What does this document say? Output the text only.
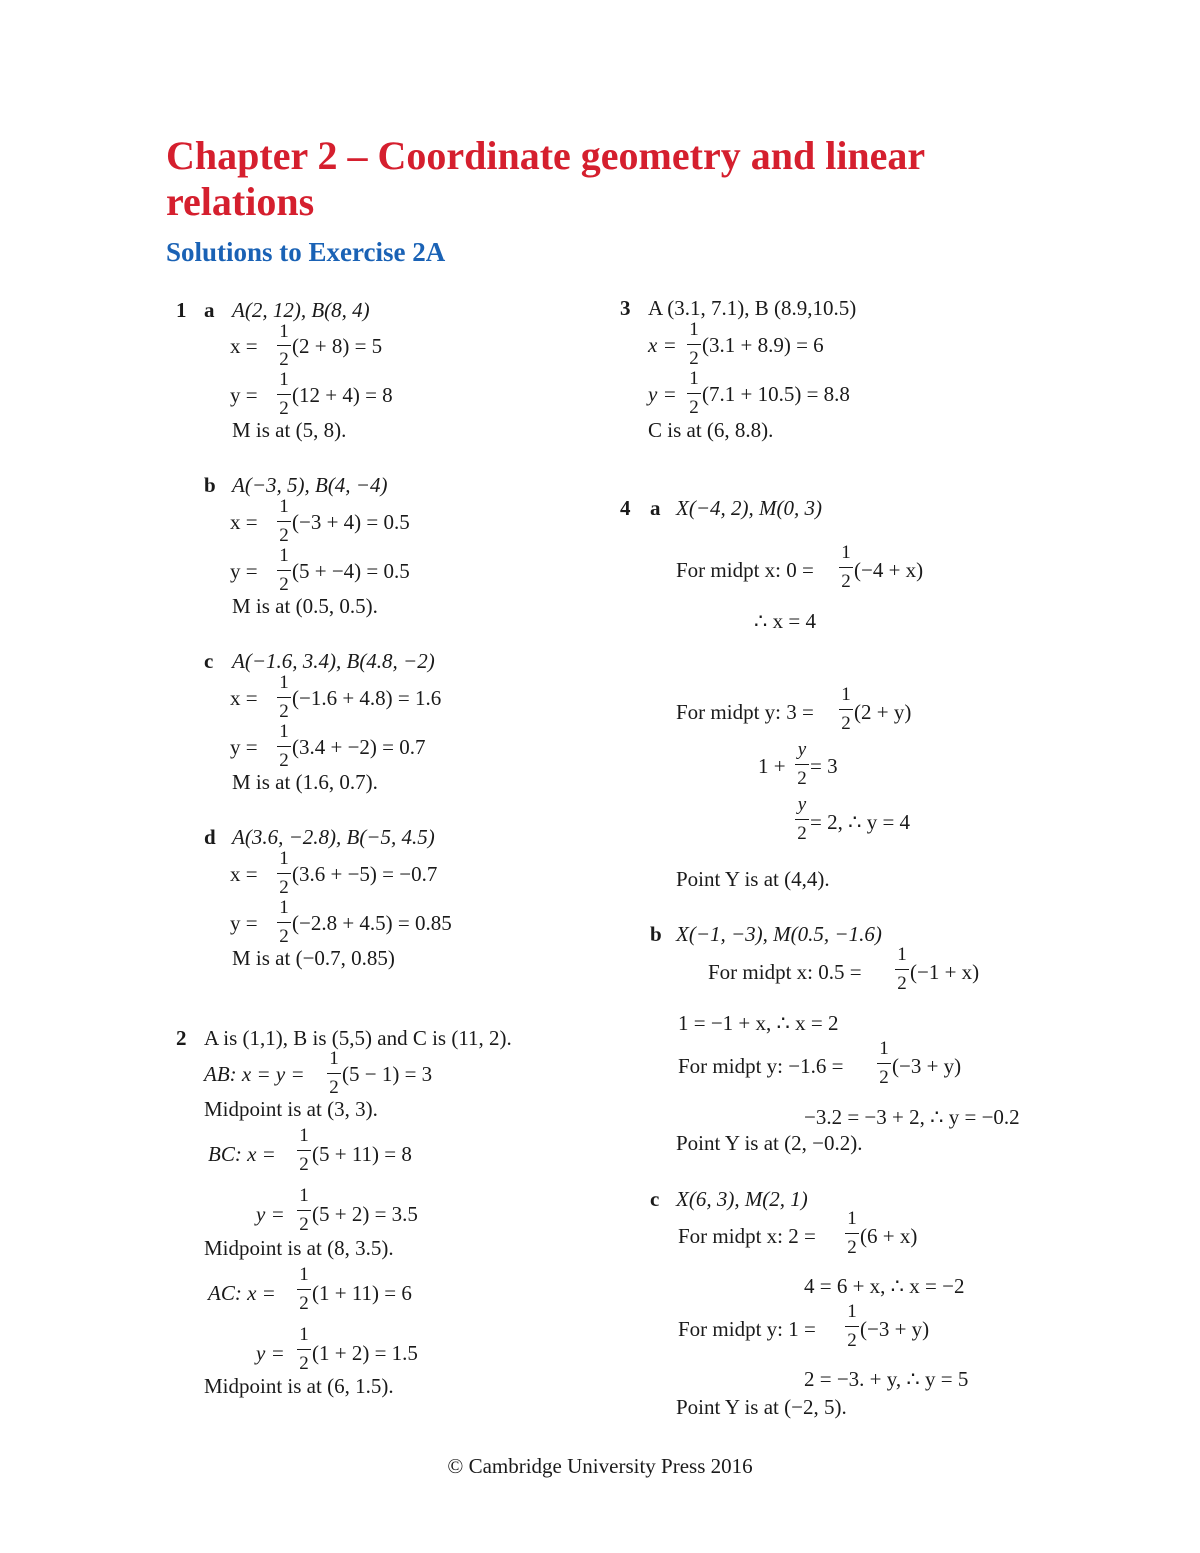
Chapter 2 – Coordinate geometry and linear
relations
Solutions to Exercise 2A
1 a A(2, 12), B(8, 4)
1
2
x = (2 + 8) = 5
1
2
y = (12 + 4) = 8
M is at (5, 8).
b A(−3, 5), B(4, −4)
1
2
x = (−3 + 4) = 0.5
1
2
y = (5 + −4) = 0.5
M is at (0.5, 0.5).
c A(−1.6, 3.4), B(4.8, −2)
1
2
x = (−1.6 + 4.8) = 1.6
1
2
y = (3.4 + −2) = 0.7
M is at (1.6, 0.7).
d A(3.6, −2.8), B(−5, 4.5)
1
2
x = (3.6 + −5) = −0.7
1
2
y = (−2.8 + 4.5) = 0.85
M is at (−0.7, 0.85)
2 A is (1,1), B is (5,5) and C is (11, 2).
1
2
AB: x = y = (5 − 1) = 3
Midpoint is at (3, 3).
1
2
BC: x = (5 + 11) = 8
1
2
y = (5 + 2) = 3.5
Midpoint is at (8, 3.5).
1
2
AC: x = (1 + 11) = 6
1
2
y = (1 + 2) = 1.5
Midpoint is at (6, 1.5).
3 A (3.1, 7.1), B (8.9,10.5)
1
2
x = (3.1 + 8.9) = 6
1
2
y = (7.1 + 10.5) = 8.8
C is at (6, 8.8).
4 a X(−4, 2), M(0, 3)
1
2
For midpt x: 0 = (−4 + x)
∴ x = 4
1
2
For midpt y: 3 = (2 + y)
1 +
y
2
= 3
y
2 = 2, ∴ y = 4
Point Y is at (4,4).
b X(−1, −3), M(0.5, −1.6)
1
2
For midpt x: 0.5 = (−1 + x)
1 = −1 + x, ∴ x = 2
1
2
For midpt y: −1.6 = (−3 + y)
−3.2 = −3 + 2, ∴ y = −0.2
Point Y is at (2, −0.2).
c X(6, 3), M(2, 1)
1
2
For midpt x: 2 = (6 + x)
4 = 6 + x, ∴ x = −2
1
2
For midpt y: 1 = (−3 + y)
2 = −3. + y, ∴ y = 5
Point Y is at (−2, 5).
© Cambridge University Press 2016
